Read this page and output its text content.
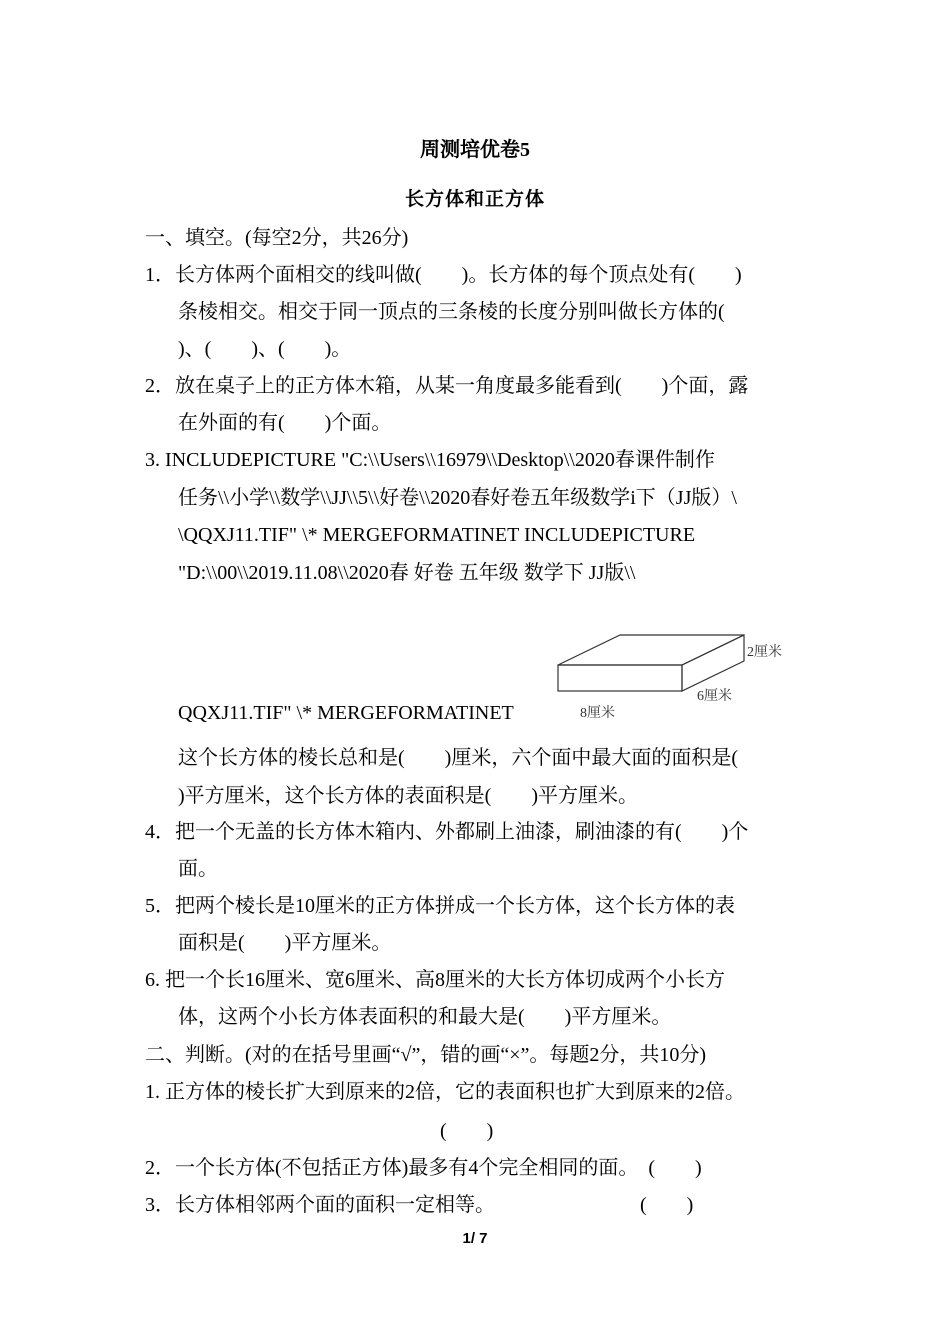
周测培优卷5
长方体和正方体
一、填空。(每空2分，共26分)
1．长方体两个面相交的线叫做(　　)。长方体的每个顶点处有(　　)
条棱相交。相交于同一顶点的三条棱的长度分别叫做长方体的(
)、(　　)、(　　)。
2．放在桌子上的正方体木箱，从某一角度最多能看到(　　)个面，露
在外面的有(　　)个面。
3. INCLUDEPICTURE "C:\\Users\\16979\\Desktop\\2020春课件制作
任务\\小学\\数学\\JJ\\5\\好卷\\2020春好卷五年级数学i下（JJ版）\
\QQXJ11.TIF" \* MERGEFORMATINET INCLUDEPICTURE
"D:\\00\\2019.11.08\\2020春 好卷 五年级 数学下 JJ版\\
2厘米
6厘米
8厘米
QQXJ11.TIF" \* MERGEFORMATINET
这个长方体的棱长总和是(　　)厘米，六个面中最大面的面积是(
)平方厘米，这个长方体的表面积是(　　)平方厘米。
4．把一个无盖的长方体木箱内、外都刷上油漆，刷油漆的有(　　)个
面。
5．把两个棱长是10厘米的正方体拼成一个长方体，这个长方体的表
面积是(　　)平方厘米。
6. 把一个长16厘米、宽6厘米、高8厘米的大长方体切成两个小长方
体，这两个小长方体表面积的和最大是(　　)平方厘米。
二、判断。(对的在括号里画“√”，错的画“×”。每题2分，共10分)
1. 正方体的棱长扩大到原来的2倍，它的表面积也扩大到原来的2倍。
(　　)
2．一个长方体(不包括正方体)最多有4个完全相同的面。　(　　)
3．长方体相邻两个面的面积一定相等。	(　　)
1/ 7
